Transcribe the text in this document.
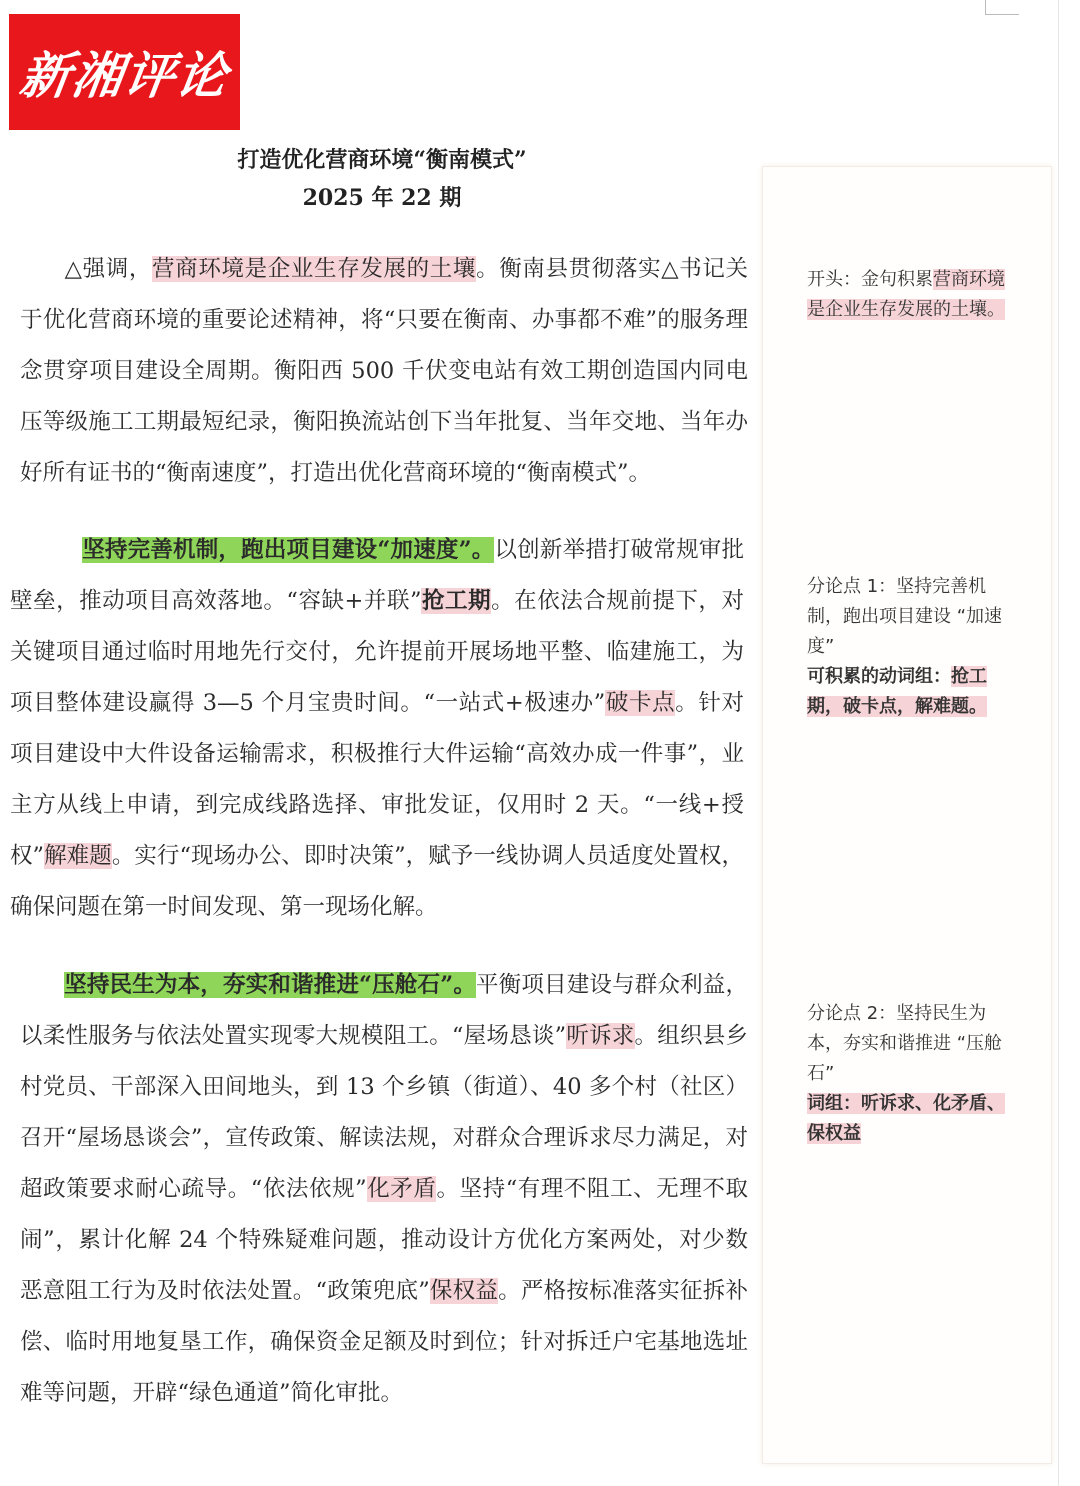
新湘评论
打造优化营商环境“衡南模式”
2025 年 22 期

△强调，营商环境是企业生存发展的土壤。衡南县贯彻落实△书记关于优化营商环境的重要论述精神，将“只要在衡南、办事都不难”的服务理念贯穿项目建设全周期。衡阳西 500 千伏变电站有效工期创造国内同电压等级施工工期最短纪录，衡阳换流站创下当年批复、当年交地、当年办好所有证书的“衡南速度”，打造出优化营商环境的“衡南模式”。

坚持完善机制，跑出项目建设“加速度”。以创新举措打破常规审批壁垒，推动项目高效落地。“容缺+并联”抢工期。在依法合规前提下，对关键项目通过临时用地先行交付，允许提前开展场地平整、临建施工，为项目整体建设赢得 3—5 个月宝贵时间。“一站式+极速办”破卡点。针对项目建设中大件设备运输需求，积极推行大件运输“高效办成一件事”，业主方从线上申请，到完成线路选择、审批发证，仅用时 2 天。“一线+授权”解难题。实行“现场办公、即时决策”，赋予一线协调人员适度处置权，确保问题在第一时间发现、第一现场化解。

坚持民生为本，夯实和谐推进“压舱石”。平衡项目建设与群众利益，以柔性服务与依法处置实现零大规模阻工。“屋场恳谈”听诉求。组织县乡村党员、干部深入田间地头，到 13 个乡镇（街道）、40 多个村（社区）召开“屋场恳谈会”，宣传政策、解读法规，对群众合理诉求尽力满足，对超政策要求耐心疏导。“依法依规”化矛盾。坚持“有理不阻工、无理不取闹”，累计化解 24 个特殊疑难问题，推动设计方优化方案两处，对少数恶意阻工行为及时依法处置。“政策兜底”保权益。严格按标准落实征拆补偿、临时用地复垦工作，确保资金足额及时到位；针对拆迁户宅基地选址难等问题，开辟“绿色通道”简化审批。

开头：金句积累营商环境是企业生存发展的土壤。

分论点 1：坚持完善机制，跑出项目建设 “加速度”
可积累的动词组：抢工期，破卡点，解难题。

分论点 2：坚持民生为本，夯实和谐推进 “压舱石”
词组：听诉求、化矛盾、保权益
